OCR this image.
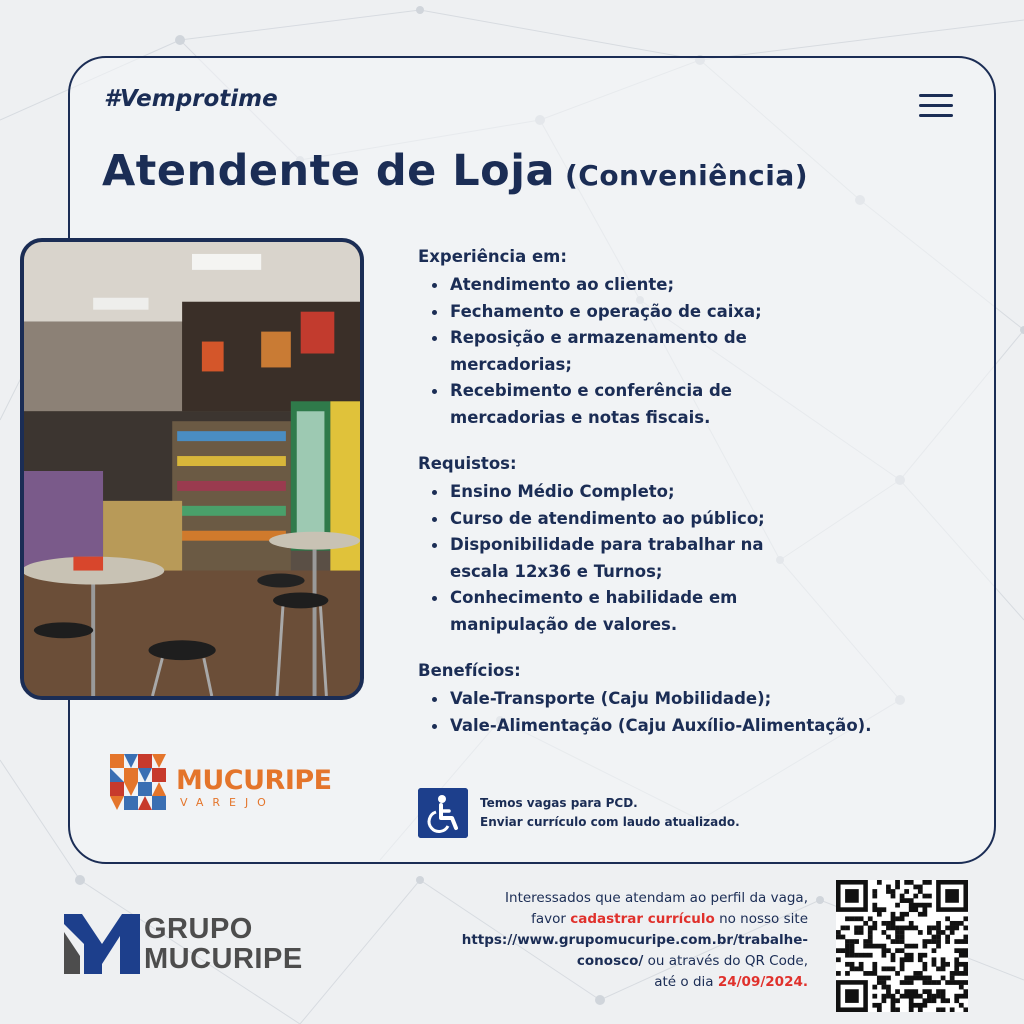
#Vemprotime

Atendente de Loja (Conveniência)

Experiência em:

Atendimento ao cliente;
Fechamento e operação de caixa;
Reposição e armazenamento de mercadorias;
Recebimento e conferência de mercadorias e notas fiscais.

Requistos:

Ensino Médio Completo;
Curso de atendimento ao público;
Disponibilidade para trabalhar na escala 12x36 e Turnos;
Conhecimento e habilidade em manipulação de valores.

Benefícios:

Vale-Transporte (Caju Mobilidade);
Vale-Alimentação (Caju Auxílio-Alimentação).
MUCURIPE
VAREJO	Temos vagas para PCD.
Enviar currículo com laudo atualizado.
GRUPO
MUCURIPE
Interessados que atendam ao perfil da vaga,
favor cadastrar currículo no nosso site
https://www.grupomucuripe.com.br/trabalhe-
conosco/ ou através do QR Code,
até o dia 24/09/2024.
